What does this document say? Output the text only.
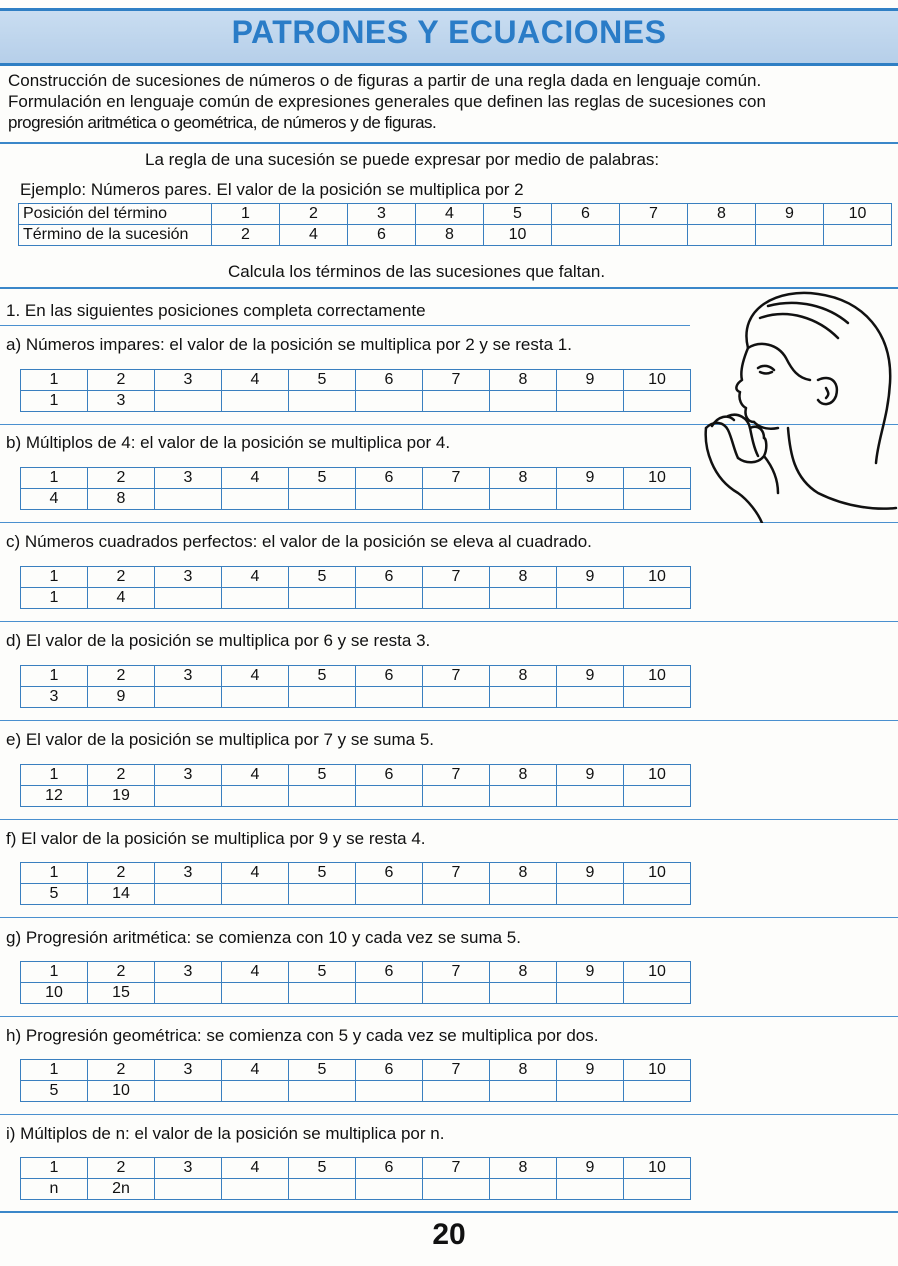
PATRONES Y ECUACIONES
Construcción de sucesiones de números o de figuras a partir de una regla dada en lenguaje común.
Formulación en lenguaje común de expresiones generales que definen las reglas de sucesiones con
progresión aritmética o geométrica, de números y de figuras.
La regla de una sucesión se puede expresar por medio de palabras:
Ejemplo: Números pares. El valor de la posición se multiplica por 2
Posición del término	1	2	3	4	5	6	7	8	9	10
Término de la sucesión	2	4	6	8	10					
Calcula los términos de las sucesiones que faltan.
1. En las siguientes posiciones completa correctamente
a) Números impares: el valor de la posición se multiplica por 2 y se resta 1.
1	2	3	4	5	6	7	8	9	10
1	3								
b) Múltiplos de 4: el valor de la posición se multiplica por 4.
1	2	3	4	5	6	7	8	9	10
4	8								
c) Números cuadrados perfectos: el valor de la posición se eleva al cuadrado.
1	2	3	4	5	6	7	8	9	10
1	4								
d) El valor de la posición se multiplica por 6 y se resta 3.
1	2	3	4	5	6	7	8	9	10
3	9								
e) El valor de la posición se multiplica por 7 y se suma 5.
1	2	3	4	5	6	7	8	9	10
12	19								
f) El valor de la posición se multiplica por 9 y se resta 4.
1	2	3	4	5	6	7	8	9	10
5	14								
g) Progresión aritmética: se comienza con 10 y cada vez se suma 5.
1	2	3	4	5	6	7	8	9	10
10	15								
h) Progresión geométrica: se comienza con 5 y cada vez se multiplica por dos.
1	2	3	4	5	6	7	8	9	10
5	10								
i) Múltiplos de n: el valor de la posición se multiplica por n.
1	2	3	4	5	6	7	8	9	10
n	2n								
20
